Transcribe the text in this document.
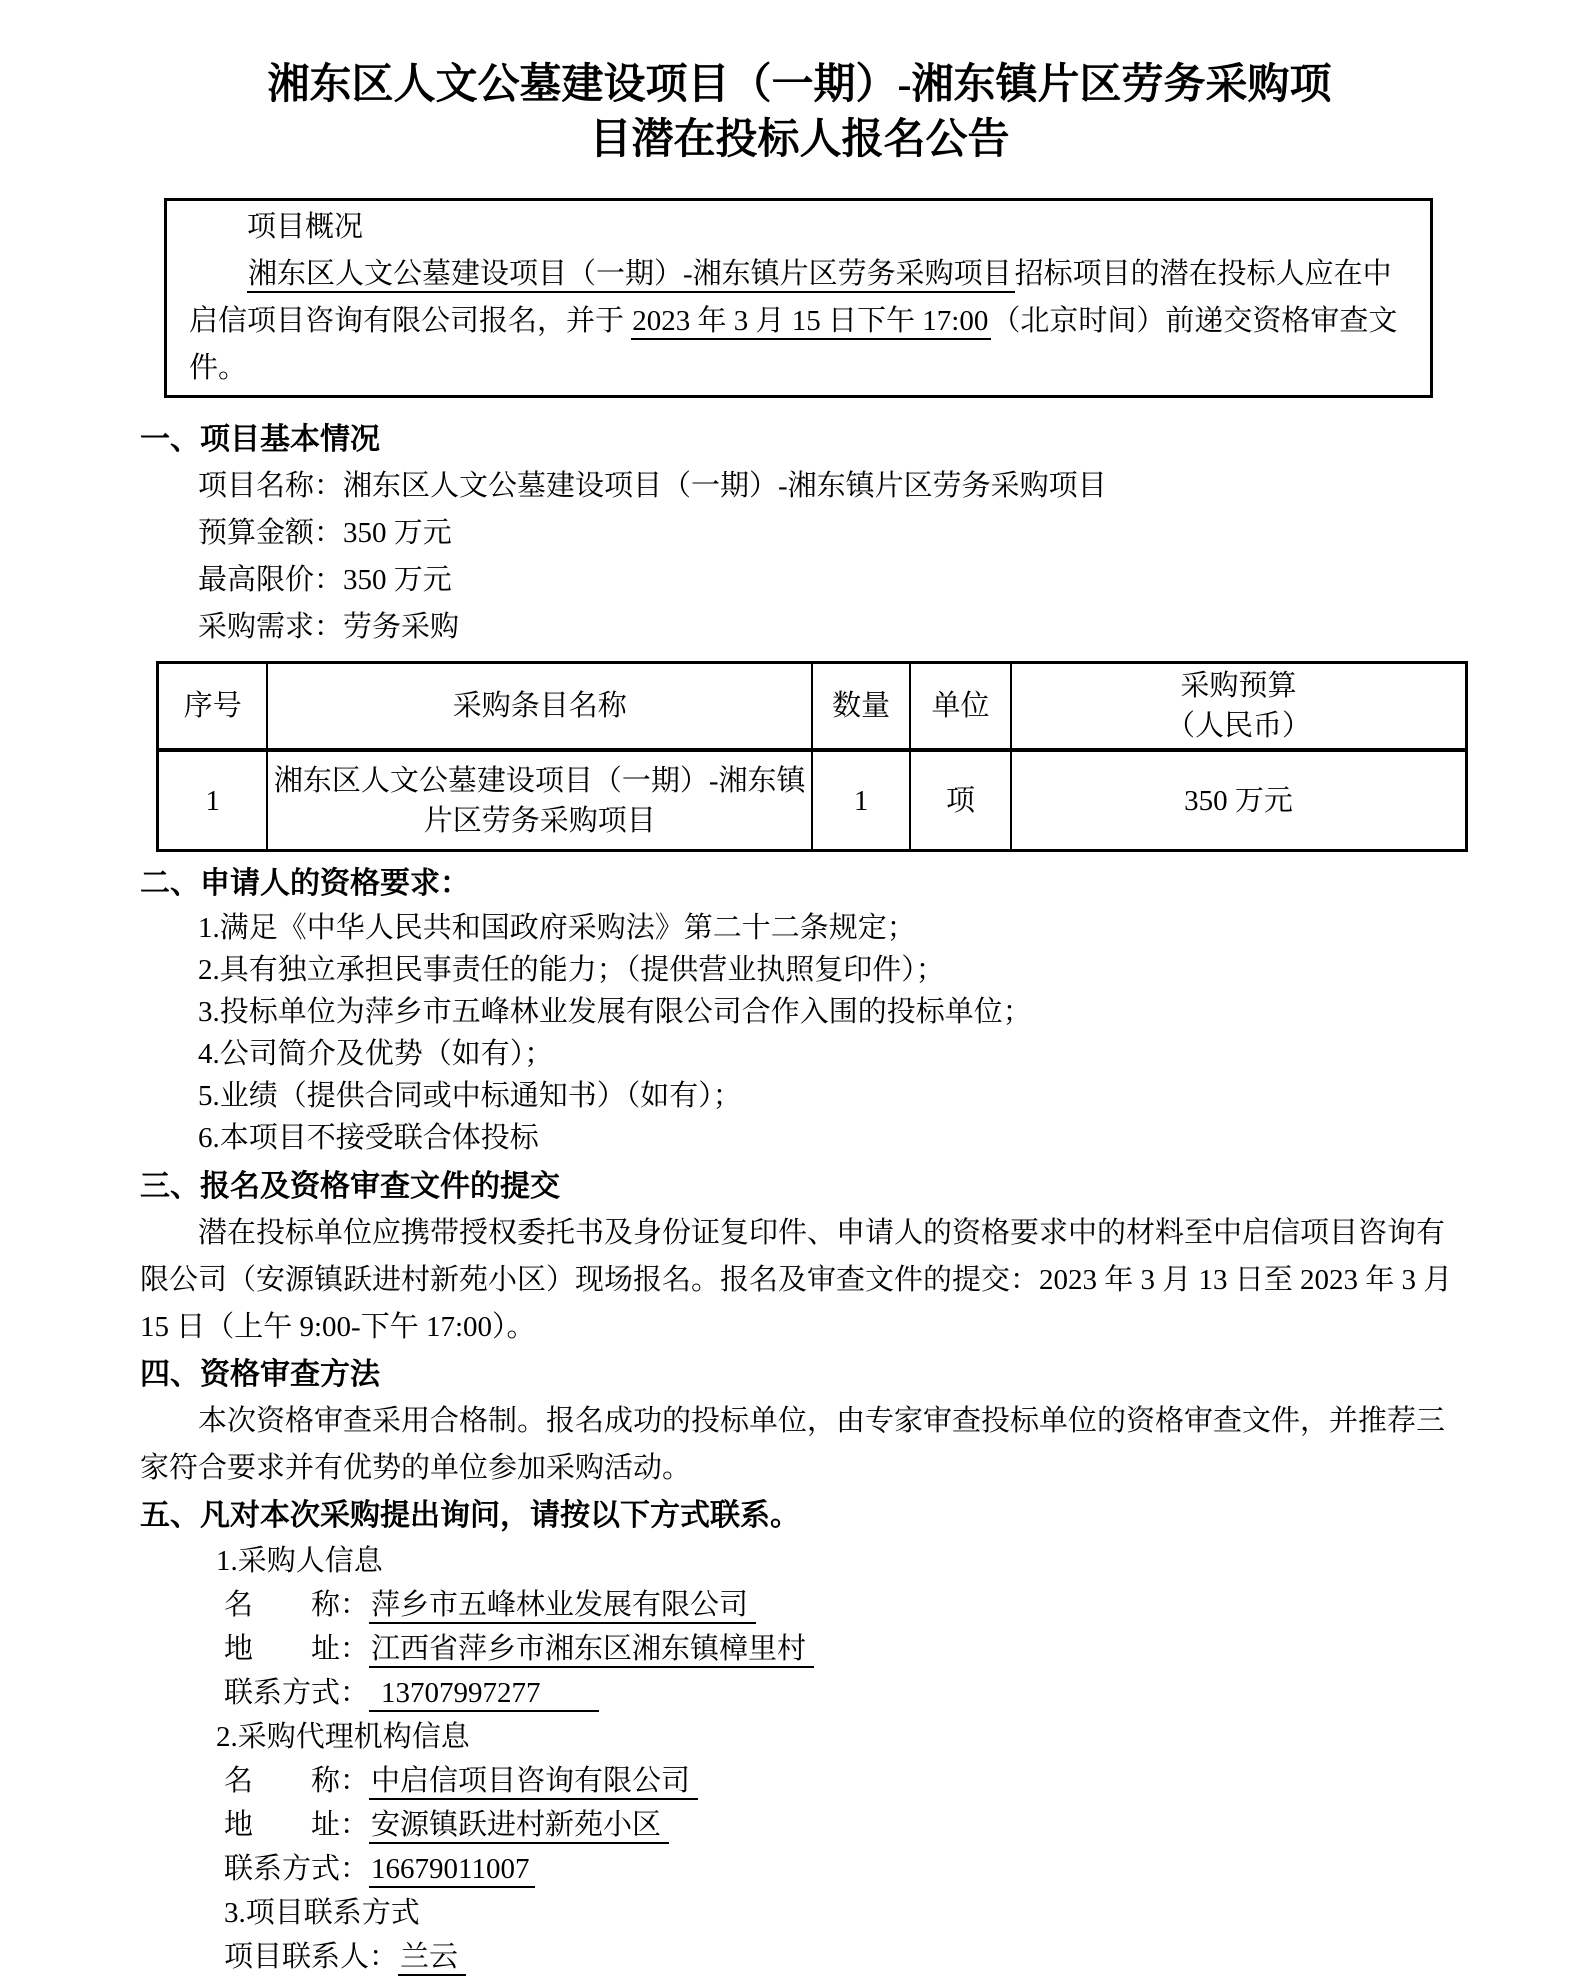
湘东区人文公墓建设项目（一期）-湘东镇片区劳务采购项
目潜在投标人报名公告

项目概况

湘东区人文公墓建设项目（一期）-湘东镇片区劳务采购项目 招标项目的潜在投标人应在中启信项目咨询有限公司报名，并于 2023 年 3 月 15 日下午 17:00 （北京时间）前递交资格审查文件。

一、项目基本情况
项目名称：湘东区人文公墓建设项目（一期）-湘东镇片区劳务采购项目
预算金额：350 万元
最高限价：350 万元
采购需求：劳务采购
序号	采购条目名称	数量	单位	采购预算
（人民币）

1	湘东区人文公墓建设项目（一期）-湘东镇片区劳务采购项目	1	项	350 万元
二、申请人的资格要求：
1.满足《中华人民共和国政府采购法》第二十二条规定；
2.具有独立承担民事责任的能力；（提供营业执照复印件）；
3.投标单位为萍乡市五峰林业发展有限公司合作入围的投标单位；
4.公司简介及优势（如有）；
5.业绩（提供合同或中标通知书）（如有）；
6.本项目不接受联合体投标
三、报名及资格审查文件的提交

潜在投标单位应携带授权委托书及身份证复印件、申请人的资格要求中的材料至中启信项目咨询有限公司（安源镇跃进村新苑小区）现场报名。报名及审查文件的提交：2023 年 3 月 13 日至 2023 年 3 月 15 日（上午 9:00-下午 17:00）。

四、资格审查方法

本次资格审查采用合格制。报名成功的投标单位，由专家审查投标单位的资格审查文件，并推荐三家符合要求并有优势的单位参加采购活动。

五、凡对本次采购提出询问，请按以下方式联系。
1.采购人信息
名　　称：萍乡市五峰林业发展有限公司
地　　址：江西省萍乡市湘东区湘东镇樟里村
联系方式： 13707997277
2.采购代理机构信息
名　　称：中启信项目咨询有限公司
地　　址：安源镇跃进村新苑小区
联系方式：16679011007
3.项目联系方式
项目联系人：兰云
